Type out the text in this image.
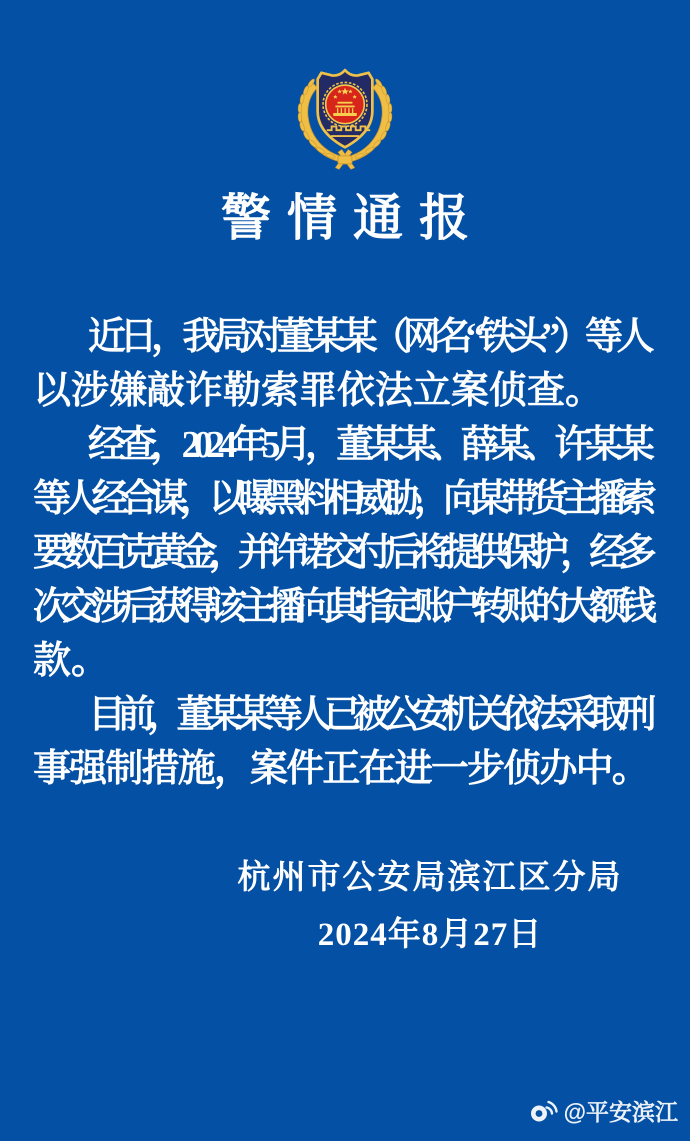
警情通报
近日，我局对董某某（网名“铁头”）等人
以涉嫌敲诈勒索罪依法立案侦查。
经查，2024年5月，董某某、薛某、许某某
等人经合谋，以曝黑料相威胁，向某带货主播索
要数百克黄金，并许诺交付后将提供保护，经多
次交涉后获得该主播向其指定账户转账的大额钱
款。
目前，董某某等人已被公安机关依法采取刑
事强制措施，案件正在进一步侦办中。
杭州市公安局滨江区分局
2024年8月27日
@平安滨江
